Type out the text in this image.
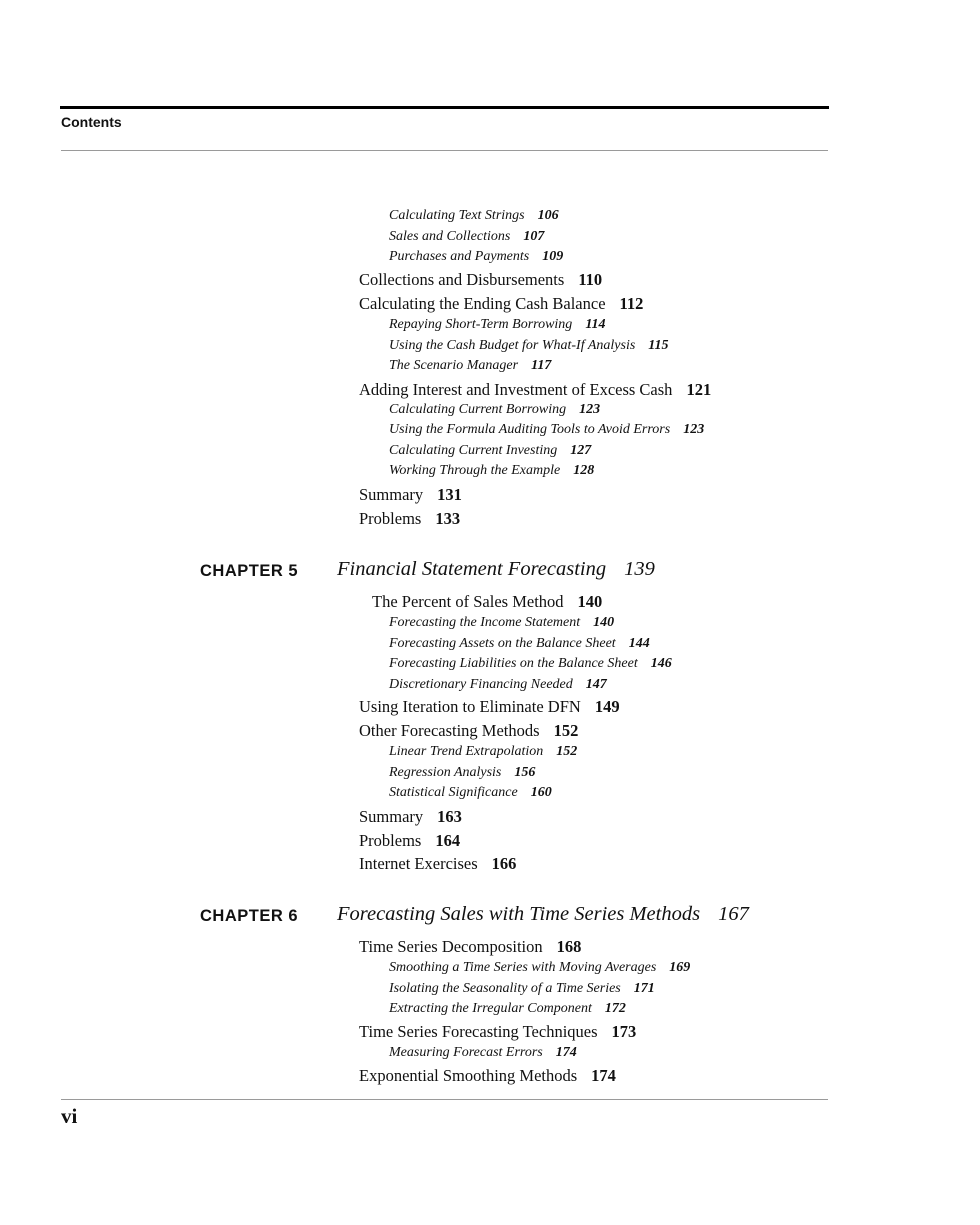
Contents
Calculating Text Strings 106
Sales and Collections 107
Purchases and Payments 109
Collections and Disbursements 110
Calculating the Ending Cash Balance 112
Repaying Short-Term Borrowing 114
Using the Cash Budget for What-If Analysis 115
The Scenario Manager 117
Adding Interest and Investment of Excess Cash 121
Calculating Current Borrowing 123
Using the Formula Auditing Tools to Avoid Errors 123
Calculating Current Investing 127
Working Through the Example 128
Summary 131
Problems 133
CHAPTER 5 Financial Statement Forecasting 139
The Percent of Sales Method 140
Forecasting the Income Statement 140
Forecasting Assets on the Balance Sheet 144
Forecasting Liabilities on the Balance Sheet 146
Discretionary Financing Needed 147
Using Iteration to Eliminate DFN 149
Other Forecasting Methods 152
Linear Trend Extrapolation 152
Regression Analysis 156
Statistical Significance 160
Summary 163
Problems 164
Internet Exercises 166
CHAPTER 6 Forecasting Sales with Time Series Methods 167
Time Series Decomposition 168
Smoothing a Time Series with Moving Averages 169
Isolating the Seasonality of a Time Series 171
Extracting the Irregular Component 172
Time Series Forecasting Techniques 173
Measuring Forecast Errors 174
Exponential Smoothing Methods 174
vi
